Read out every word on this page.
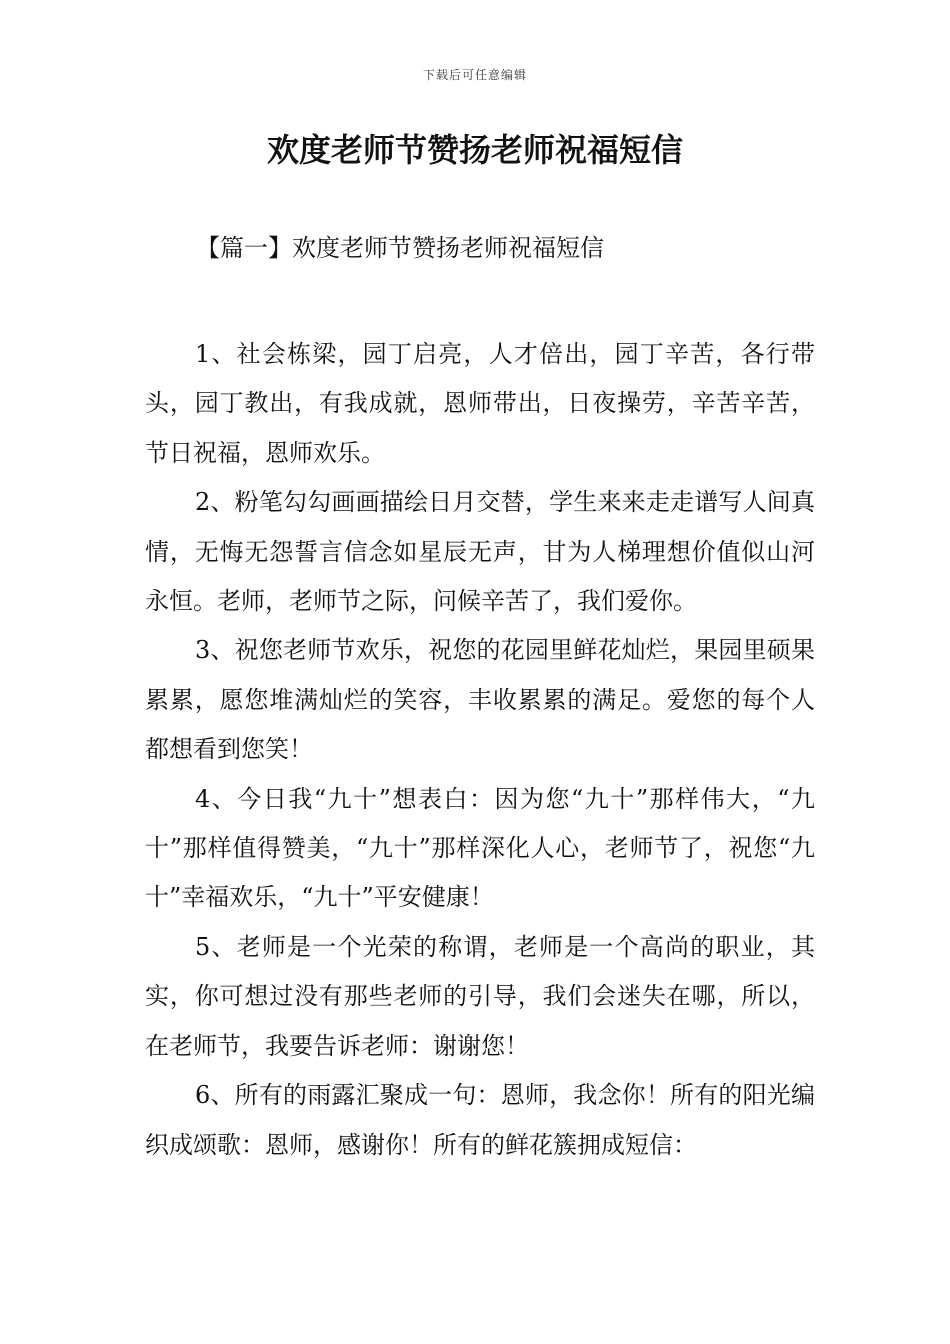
下载后可任意编辑
欢度老师节赞扬老师祝福短信
【篇一】欢度老师节赞扬老师祝福短信

1、社会栋梁，园丁启亮，人才倍出，园丁辛苦，各行带头，园丁教出，有我成就，恩师带出，日夜操劳，辛苦辛苦，节日祝福，恩师欢乐。

2、粉笔勾勾画画描绘日月交替，学生来来走走谱写人间真情，无悔无怨誓言信念如星辰无声，甘为人梯理想价值似山河永恒。老师，老师节之际，问候辛苦了，我们爱你。

3、祝您老师节欢乐，祝您的花园里鲜花灿烂，果园里硕果累累，愿您堆满灿烂的笑容，丰收累累的满足。爱您的每个人都想看到您笑！

4、今日我“九十”想表白：因为您“九十”那样伟大，“九十”那样值得赞美，“九十”那样深化人心，老师节了，祝您“九十”幸福欢乐，“九十”平安健康！

5、老师是一个光荣的称谓，老师是一个高尚的职业，其实，你可想过没有那些老师的引导，我们会迷失在哪，所以，在老师节，我要告诉老师：谢谢您！

6、所有的雨露汇聚成一句：恩师，我念你！所有的阳光编织成颂歌：恩师，感谢你！所有的鲜花簇拥成短信：
